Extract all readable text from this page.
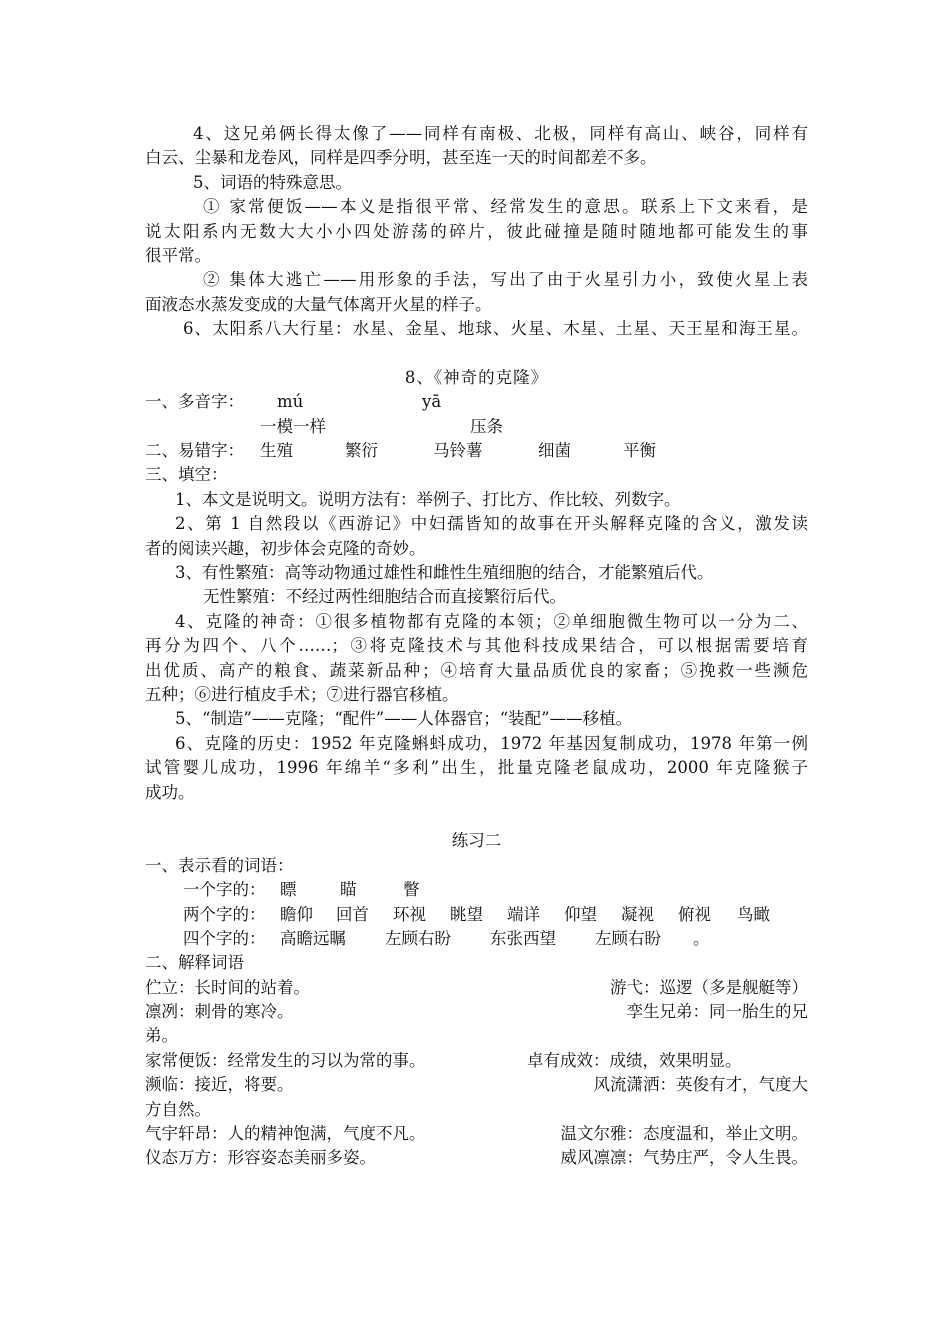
4、这兄弟俩长得太像了——同样有南极、北极，同样有高山、峡谷，同样有
白云、尘暴和龙卷风，同样是四季分明，甚至连一天的时间都差不多。
5、词语的特殊意思。
① 家常便饭——本义是指很平常、经常发生的意思。联系上下文来看，是
说太阳系内无数大大小小四处游荡的碎片，彼此碰撞是随时随地都可能发生的事
很平常。
② 集体大逃亡——用形象的手法，写出了由于火星引力小，致使火星上表
面液态水蒸发变成的大量气体离开火星的样子。
6、太阳系八大行星：水星、金星、地球、火星、木星、土星、天王星和海王星。
8、《神奇的克隆》
一、多音字： mú	yā
一模一样	压条
二、易错字： 生殖	繁衍	马铃薯	细菌	平衡
三、填空：
1、本文是说明文。说明方法有：举例子、打比方、作比较、列数字。
2、第 1 自然段以《西游记》中妇孺皆知的故事在开头解释克隆的含义，激发读
者的阅读兴趣，初步体会克隆的奇妙。
3、有性繁殖：高等动物通过雄性和雌性生殖细胞的结合，才能繁殖后代。
无性繁殖：不经过两性细胞结合而直接繁衍后代。
4、克隆的神奇：①很多植物都有克隆的本领；②单细胞微生物可以一分为二、
再分为四个、八个……；③将克隆技术与其他科技成果结合，可以根据需要培育
出优质、高产的粮食、蔬菜新品种；④培育大量品质优良的家畜；⑤挽救一些濒危
五种；⑥进行植皮手术；⑦进行器官移植。
5、“制造”——克隆；“配件”——人体器官；“装配”——移植。
6、克隆的历史：1952 年克隆蝌蚪成功，1972 年基因复制成功，1978 年第一例
试管婴儿成功，1996 年绵羊“多利”出生，批量克隆老鼠成功，2000 年克隆猴子
成功。
练习二
一、表示看的词语：
一个字的： 瞟	瞄	瞥
两个字的： 瞻仰 回首 环视 眺望 端详 仰望 凝视 俯视 鸟瞰
四个字的： 高瞻远瞩 左顾右盼 东张西望 左顾右盼 。
二、解释词语
伫立：长时间的站着。	游弋：巡逻（多是舰艇等）
凛冽：刺骨的寒冷。	孪生兄弟：同一胎生的兄
弟。
家常便饭：经常发生的习以为常的事。	卓有成效：成绩，效果明显。
濒临：接近，将要。	风流潇洒：英俊有才，气度大
方自然。
气宇轩昂：人的精神饱满，气度不凡。	温文尔雅：态度温和，举止文明。
仪态万方：形容姿态美丽多姿。	威风凛凛：气势庄严，令人生畏。
